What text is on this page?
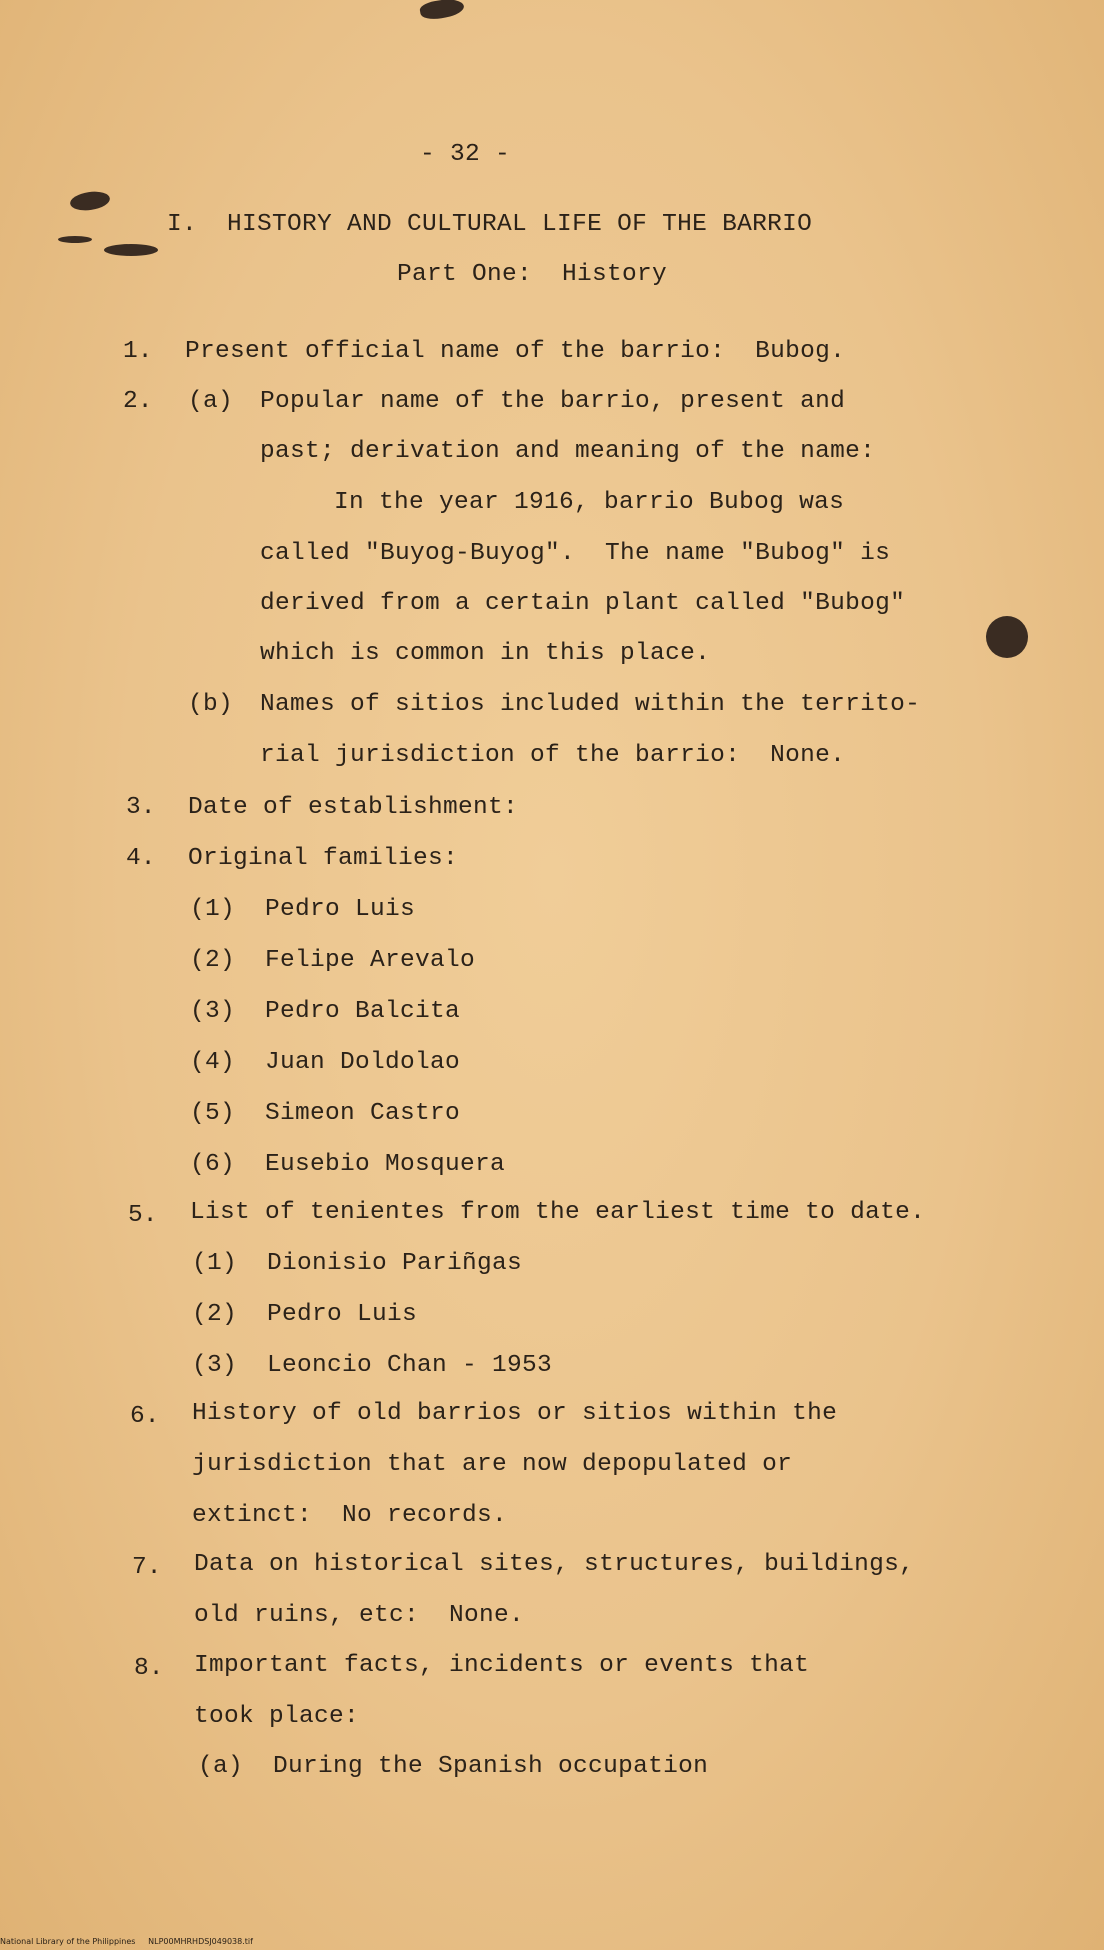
- 32 -
I.  HISTORY AND CULTURAL LIFE OF THE BARRIO
Part One:  History
1. Present official name of the barrio:  Bubog.
2. (a) Popular name of the barrio, present and
past; derivation and meaning of the name:
In the year 1916, barrio Bubog was
called "Buyog-Buyog".  The name "Bubog" is
derived from a certain plant called "Bubog"
which is common in this place.
(b) Names of sitios included within the territo-
rial jurisdiction of the barrio:  None.
3. Date of establishment:
4. Original families:
(1)  Pedro Luis
(2)  Felipe Arevalo
(3)  Pedro Balcita
(4)  Juan Doldolao
(5)  Simeon Castro
(6)  Eusebio Mosquera
5. List of tenientes from the earliest time to date.
(1)  Dionisio Pariñgas
(2)  Pedro Luis
(3)  Leoncio Chan - 1953
6. History of old barrios or sitios within the
jurisdiction that are now depopulated or
extinct:  No records.
7. Data on historical sites, structures, buildings,
old ruins, etc:  None.
8. Important facts, incidents or events that
took place:
(a)  During the Spanish occupation
National Library of the Philippines     NLP00MHRHDSJ049038.tif
